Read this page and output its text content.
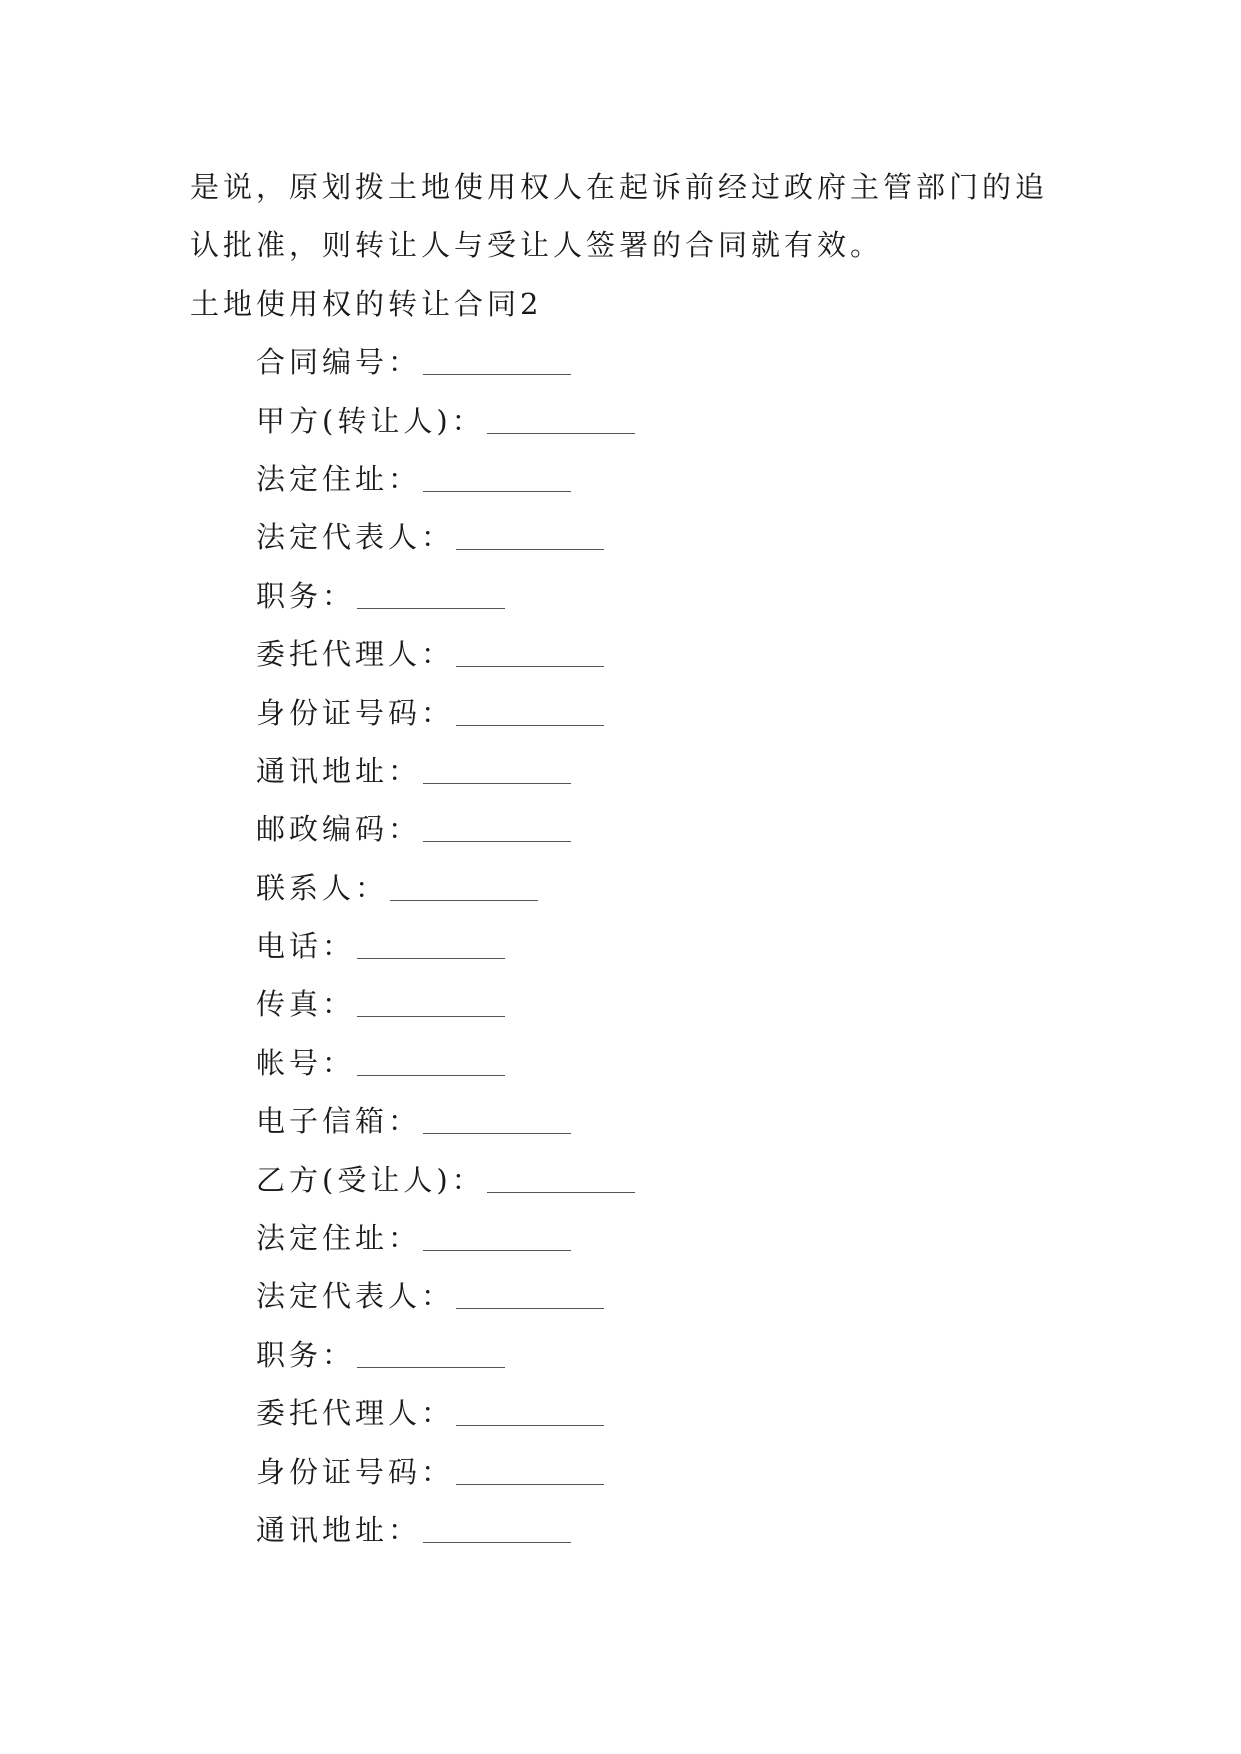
是说，原划拨土地使用权人在起诉前经过政府主管部门的追认批准，则转让人与受让人签署的合同就有效。
土地使用权的转让合同2
合同编号：
甲方(转让人)：
法定住址：
法定代表人：
职务：
委托代理人：
身份证号码：
通讯地址：
邮政编码：
联系人：
电话：
传真：
帐号：
电子信箱：
乙方(受让人)：
法定住址：
法定代表人：
职务：
委托代理人：
身份证号码：
通讯地址：
